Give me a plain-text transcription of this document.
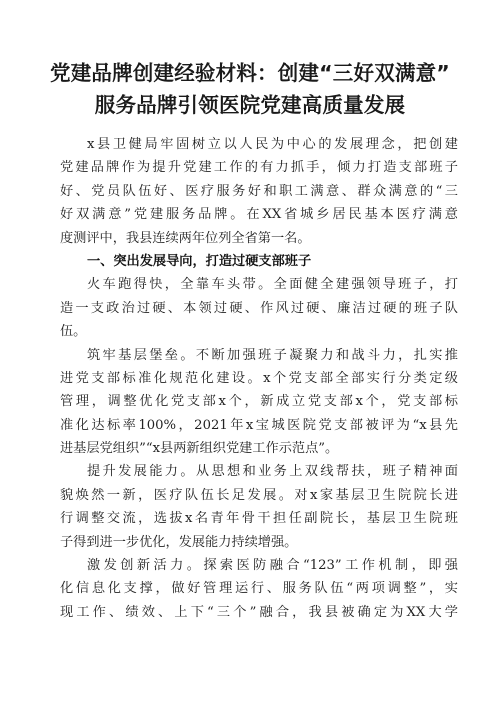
党建品牌创建经验材料：创建“三好双满意”
服务品牌引领医院党建高质量发展
x县卫健局牢固树立以人民为中心的发展理念，把创建
党建品牌作为提升党建工作的有力抓手，倾力打造支部班子
好、党员队伍好、医疗服务好和职工满意、群众满意的“三
好双满意”党建服务品牌。在XX省城乡居民基本医疗满意
度测评中，我县连续两年位列全省第一名。
一、突出发展导向，打造过硬支部班子
火车跑得快，全靠车头带。全面健全建强领导班子，打
造一支政治过硬、本领过硬、作风过硬、廉洁过硬的班子队
伍。
筑牢基层堡垒。不断加强班子凝聚力和战斗力，扎实推
进党支部标准化规范化建设。x个党支部全部实行分类定级
管理，调整优化党支部x个，新成立党支部x个，党支部标
准化达标率100%，2021年x宝城医院党支部被评为“x县先
进基层党组织”“x县两新组织党建工作示范点”。
提升发展能力。从思想和业务上双线帮扶，班子精神面
貌焕然一新，医疗队伍长足发展。对x家基层卫生院院长进
行调整交流，选拔x名青年骨干担任副院长，基层卫生院班
子得到进一步优化，发展能力持续增强。
激发创新活力。探索医防融合“123”工作机制，即强
化信息化支撑，做好管理运行、服务队伍“两项调整”，实
现工作、绩效、上下“三个”融合，我县被确定为XX大学
